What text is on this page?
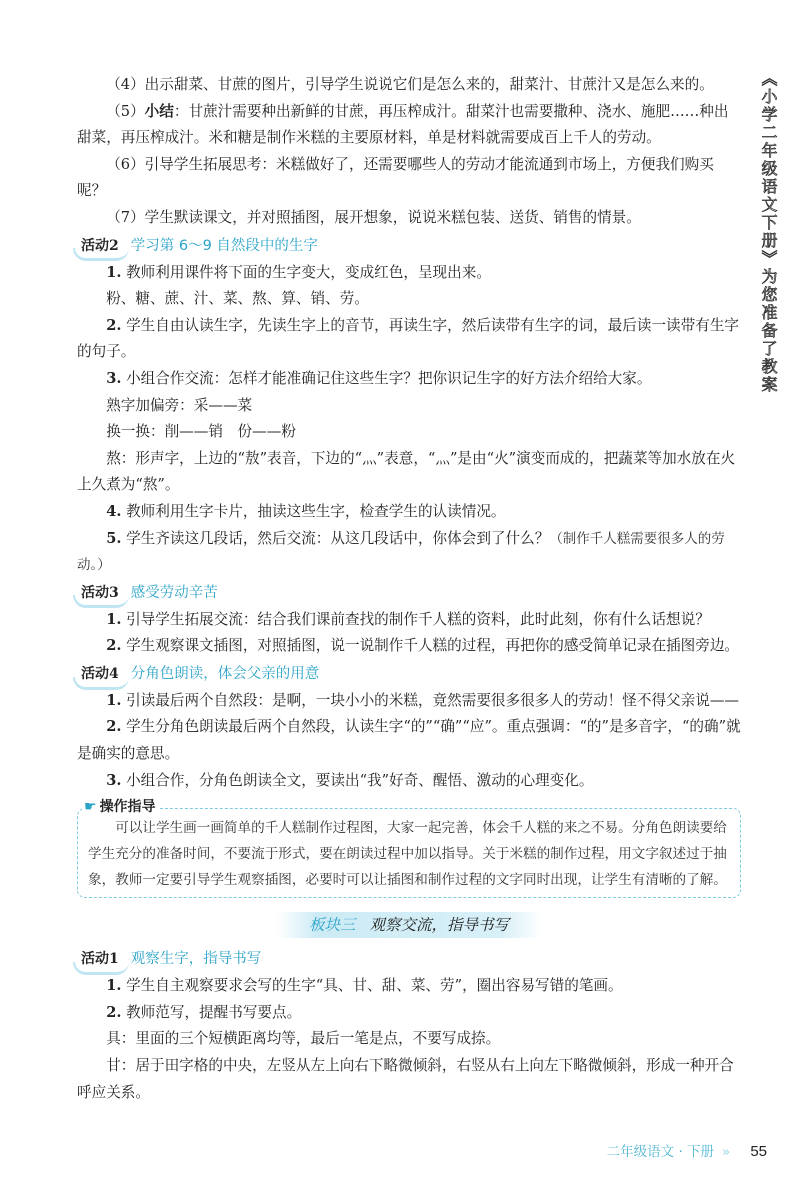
《小学二年级语文下册》为您准备了教案

（4）出示甜菜、甘蔗的图片，引导学生说说它们是怎么来的，甜菜汁、甘蔗汁又是怎么来的。

（5）小结：甘蔗汁需要种出新鲜的甘蔗，再压榨成汁。甜菜汁也需要撒种、浇水、施肥……种出甜菜，再压榨成汁。米和糖是制作米糕的主要原材料，单是材料就需要成百上千人的劳动。

（6）引导学生拓展思考：米糕做好了，还需要哪些人的劳动才能流通到市场上，方便我们购买呢？

（7）学生默读课文，并对照插图，展开想象，说说米糕包装、送货、销售的情景。

活动2 学习第 6～9 自然段中的生字

1. 教师利用课件将下面的生字变大，变成红色，呈现出来。

粉、糖、蔗、汁、菜、熬、算、销、劳。

2. 学生自由认读生字，先读生字上的音节，再读生字，然后读带有生字的词，最后读一读带有生字的句子。

3. 小组合作交流：怎样才能准确记住这些生字？把你识记生字的好方法介绍给大家。

熟字加偏旁：采——菜

换一换：削——销　份——粉

熬：形声字，上边的“敖”表音，下边的“灬”表意，“灬”是由“火”演变而成的，把蔬菜等加水放在火上久煮为“熬”。

4. 教师利用生字卡片，抽读这些生字，检查学生的认读情况。

5. 学生齐读这几段话，然后交流：从这几段话中，你体会到了什么？（制作千人糕需要很多人的劳动。）

活动3 感受劳动辛苦

1. 引导学生拓展交流：结合我们课前查找的制作千人糕的资料，此时此刻，你有什么话想说？

2. 学生观察课文插图，对照插图，说一说制作千人糕的过程，再把你的感受简单记录在插图旁边。

活动4 分角色朗读，体会父亲的用意

1. 引读最后两个自然段：是啊，一块小小的米糕，竟然需要很多很多人的劳动！怪不得父亲说——

2. 学生分角色朗读最后两个自然段，认读生字“的”“确”“应”。重点强调：“的”是多音字，“的确”就是确实的意思。

3. 小组合作，分角色朗读全文，要读出“我”好奇、醒悟、激动的心理变化。

☛ 操作指导

可以让学生画一画简单的千人糕制作过程图，大家一起完善，体会千人糕的来之不易。分角色朗读要给学生充分的准备时间，不要流于形式，要在朗读过程中加以指导。关于米糕的制作过程，用文字叙述过于抽象，教师一定要引导学生观察插图，必要时可以让插图和制作过程的文字同时出现，让学生有清晰的了解。

板块三 观察交流，指导书写
活动1 观察生字，指导书写

1. 学生自主观察要求会写的生字“具、甘、甜、菜、劳”，圈出容易写错的笔画。

2. 教师范写，提醒书写要点。

具：里面的三个短横距离均等，最后一笔是点，不要写成捺。

甘：居于田字格的中央，左竖从左上向右下略微倾斜，右竖从右上向左下略微倾斜，形成一种开合呼应关系。

二年级语文 · 下册 » 55
